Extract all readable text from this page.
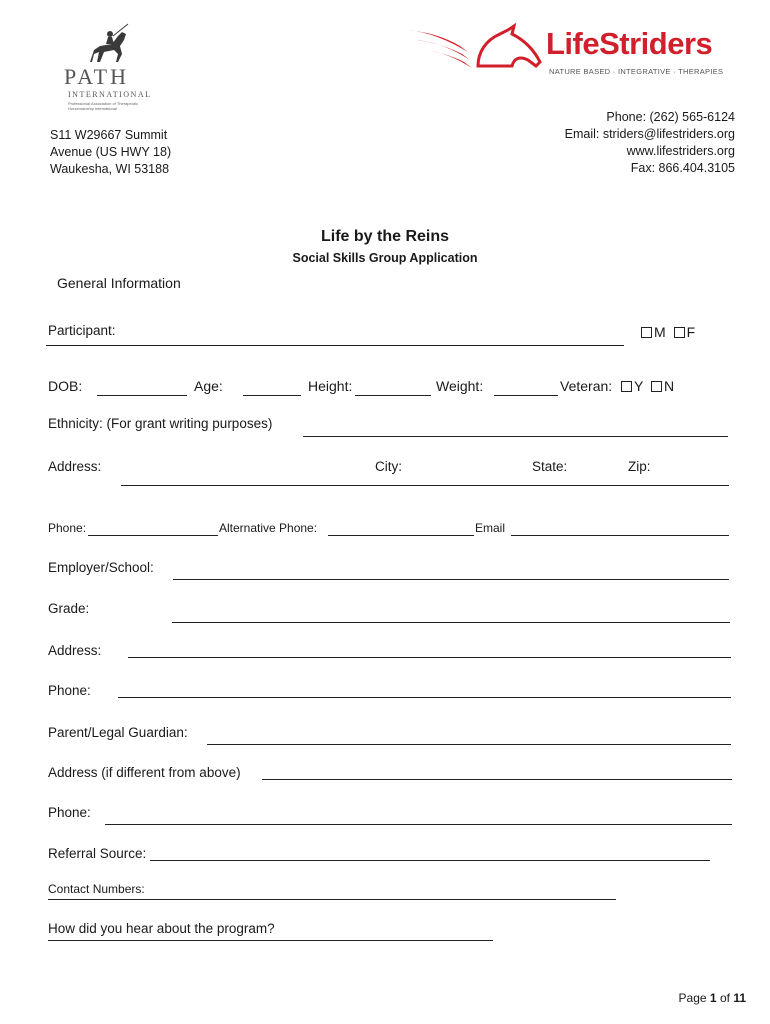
PATH
INTERNATIONAL
Professional Association of Therapeutic Horsemanship International
LifeStriders
NATURE BASED · INTEGRATIVE · THERAPIES
S11 W29667 Summit
Avenue (US HWY 18)
Waukesha, WI 53188
Phone: (262) 565-6124
Email: striders@lifestriders.org
www.lifestriders.org
Fax: 866.404.3105
Life by the Reins
Social Skills Group Application
General Information
Participant:	M F
DOB:	Age:	Height:	Weight:	Veteran:	Y N
Ethnicity: (For grant writing purposes)
Address:	City:	State:	Zip:
Phone:	Alternative Phone:	Email
Employer/School:
Grade:
Address:
Phone:
Parent/Legal Guardian:
Address (if different from above)
Phone:
Referral Source:
Contact Numbers:
How did you hear about the program?
Page 1 of 11
